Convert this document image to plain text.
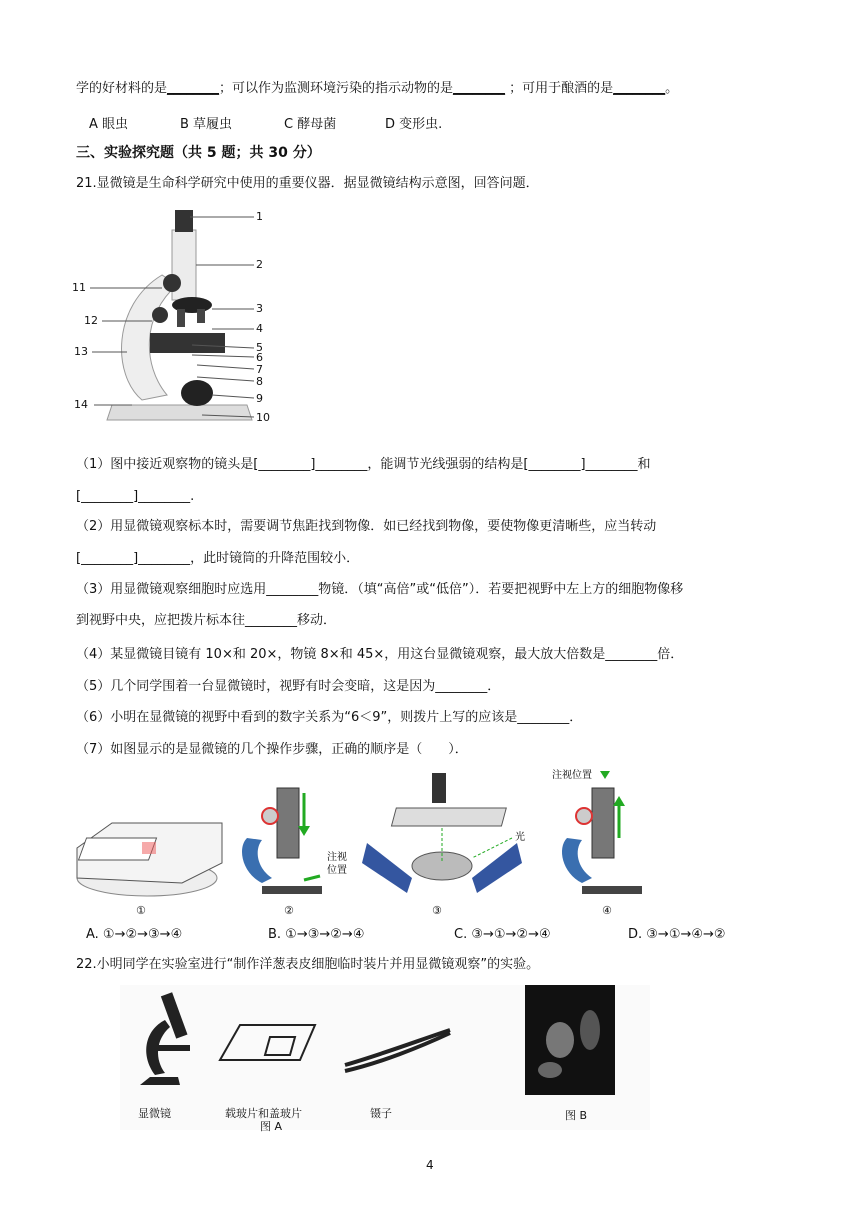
学的好材料的是________；可以作为监测环境污染的指示动物的是________ ；可用于酿酒的是________。
A 眼虫	B 草履虫	C 酵母菌	D 变形虫.
三、实验探究题（共 5 题；共 30 分）
21.显微镜是生命科学研究中使用的重要仪器．据显微镜结构示意图，回答问题．
1
2
3
4
5
6
7
8
9
10
11
12
13
14
（1）图中接近观察物的镜头是[________]________，能调节光线强弱的结构是[________]________和
[________]________.
（2）用显微镜观察标本时，需要调节焦距找到物像．如已经找到物像，要使物像更清晰些，应当转动
[________]________，此时镜筒的升降范围较小．
（3）用显微镜观察细胞时应选用________物镜．（填“高倍”或“低倍”）．若要把视野中左上方的细胞物像移
到视野中央，应把拨片标本往________移动．
（4）某显微镜目镜有 10×和 20×，物镜 8×和 45×，用这台显微镜观察，最大放大倍数是________倍．
（5）几个同学围着一台显微镜时，视野有时会变暗，这是因为________．
（6）小明在显微镜的视野中看到的数字关系为“6＜9”，则拨片上写的应该是________．
（7）如图显示的是显微镜的几个操作步骤，正确的顺序是（　　）．
注视
位置
光
注视位置
①	②	③	④
A. ①→②→③→④	B. ①→③→②→④	C. ③→①→②→④	D. ③→①→④→②
22.小明同学在实验室进行“制作洋葱表皮细胞临时装片并用显微镜观察”的实验。
显微镜	载玻片和盖玻片	镊子
图 A
图 B
4
